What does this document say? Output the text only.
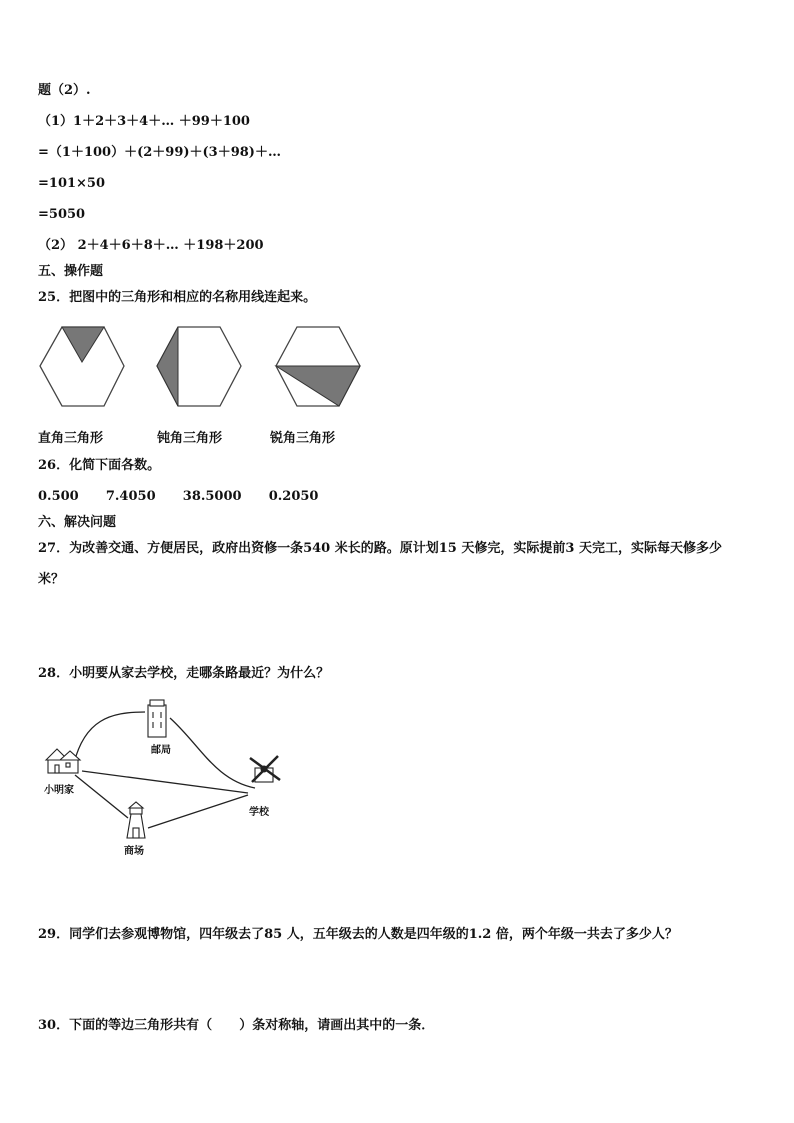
题（2）.
（1）1＋2＋3＋4＋… ＋99＋100
=（1＋100）＋(2＋99)＋(3＋98)＋…
=101×50
=5050
（2） 2＋4＋6＋8＋… ＋198＋200
五、操作题
25．把图中的三角形和相应的名称用线连起来。
直角三角形	钝角三角形	锐角三角形
26．化简下面各数。
0.500      7.4050      38.5000      0.2050
六、解决问题
27．为改善交通、方便居民，政府出资修一条540 米长的路。原计划15 天修完，实际提前3 天完工，实际每天修多少
米？
28．小明要从家去学校，走哪条路最近？为什么？
邮局
小明家
学校
商场
29．同学们去参观博物馆，四年级去了85 人，五年级去的人数是四年级的1.2 倍，两个年级一共去了多少人？
30．下面的等边三角形共有（      ）条对称轴，请画出其中的一条．
